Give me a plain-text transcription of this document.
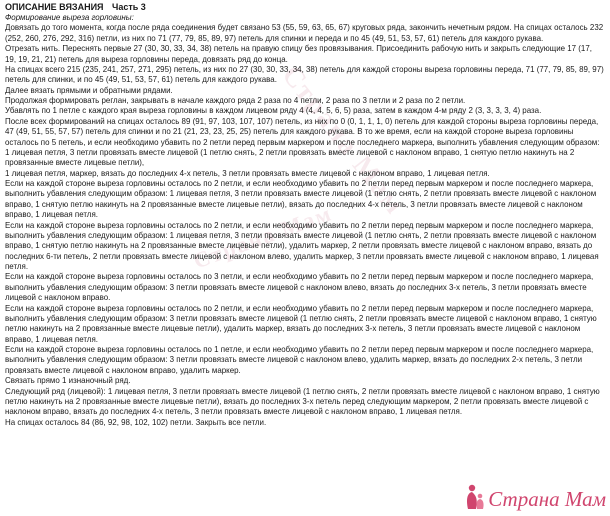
Страна Мам
Страна Мам

ОПИСАНИЕ ВЯЗАНИЯ Часть 3

Формирование выреза горловины:

Довязать до того момента, когда после ряда соединения будет связано 53 (55, 59, 63, 65, 67) круговых ряда, закончить нечетным рядом. На спицах осталось 232 (252, 260, 276, 292, 316) петли, из них по 71 (77, 79, 85, 89, 97) петель для спинки и переда и по 45 (49, 51, 53, 57, 61) петель для каждого рукава.

Отрезать нить. Переснять первые 27 (30, 30, 33, 34, 38) петель на правую спицу без провязывания. Присоединить рабочую нить и закрыть следующие 17 (17, 19, 19, 21, 21) петель для выреза горловины переда, довязать ряд до конца.

На спицах всего 215 (235, 241, 257, 271, 295) петель, из них по 27 (30, 30, 33, 34, 38) петель для каждой стороны выреза горловины переда, 71 (77, 79, 85, 89, 97) петель для спинки, и по 45 (49, 51, 53, 57, 61) петель для каждого рукава.

Далее вязать прямыми и обратными рядами.

Продолжая формировать реглан, закрывать в начале каждого ряда 2 раза по 4 петли, 2 раза по 3 петли и 2 раза по 2 петли.

Убавлять по 1 петле с каждого края выреза горловины в каждом лицевом ряду 4 (4, 4, 5, 6, 5) раза, затем в каждом 4-м ряду 2 (3, 3, 3, 3, 4) раза.

После всех формирований на спицах осталось 89 (91, 97, 103, 107, 107) петель, из них по 0 (0, 1, 1, 1, 0) петель для каждой стороны выреза горловины переда, 47 (49, 51, 55, 57, 57) петель для спинки и по 21 (21, 23, 23, 25, 25) петель для каждого рукава. В то же время, если на каждой стороне выреза горловины осталось по 5 петель, и если необходимо убавить по 2 петли перед первым маркером и после последнего маркера, выполнить убавления следующим образом: 1 лицевая петля, 3 петли провязать вместе лицевой (1 петлю снять, 2 петли провязать вместе лицевой с наклоном вправо, 1 снятую петлю накинуть на 2 провязанные вместе лицевые петли),

1 лицевая петля, маркер, вязать до последних 4-х петель, 3 петли провязать вместе лицевой с наклоном вправо, 1 лицевая петля.

Если на каждой стороне выреза горловины осталось по 2 петли, и если необходимо убавить по 2 петли перед первым маркером и после последнего маркера, выполнить убавления следующим образом: 1 лицевая петля, 3 петли провязать вместе лицевой (1 петлю снять, 2 петли провязать вместе лицевой с наклоном вправо, 1 снятую петлю накинуть на 2 провязанные вместе лицевые петли), вязать до последних 4-х петель, 3 петли провязать вместе лицевой с наклоном вправо, 1 лицевая петля.

Если на каждой стороне выреза горловины осталось по 2 петли, и если необходимо убавить по 2 петли перед первым маркером и после последнего маркера, выполнить убавления следующим образом: 1 лицевая петля, 3 петли провязать вместе лицевой (1 петлю снять, 2 петли провязать вместе лицевой с наклоном вправо, 1 снятую петлю накинуть на 2 провязанные вместе лицевые петли), удалить маркер, 2 петли провязать вместе лицевой с наклоном вправо, вязать до последних 6-ти петель, 2 петли провязать вместе лицевой с наклоном влево, удалить маркер, 3 петли провязать вместе лицевой с наклоном вправо, 1 лицевая петля.

Если на каждой стороне выреза горловины осталось по 3 петли, и если необходимо убавить по 2 петли перед первым маркером и после последнего маркера, выполнить убавления следующим образом: 3 петли провязать вместе лицевой с наклоном влево, вязать до последних 3-х петель, 3 петли провязать вместе лицевой с наклоном вправо.

Если на каждой стороне выреза горловины осталось по 2 петли, и если необходимо убавить по 2 петли перед первым маркером и после последнего маркера, выполнить убавления следующим образом: 3 петли провязать вместе лицевой (1 петлю снять, 2 петли провязать вместе лицевой с наклоном вправо, 1 снятую петлю накинуть на 2 провязанные вместе лицевые петли), удалить маркер, вязать до последних 3-х петель, 3 петли провязать вместе лицевой с наклоном вправо, 1 лицевая петля.

Если на каждой стороне выреза горловины осталось по 1 петле, и если необходимо убавить по 2 петли перед первым маркером и после последнего маркера, выполнить убавления следующим образом: 3 петли провязать вместе лицевой с наклоном влево, удалить маркер, вязать до последних 2-х петель, 3 петли провязать вместе лицевой с наклоном вправо, удалить маркер.

Связать прямо 1 изнаночный ряд.

Следующий ряд (лицевой): 1 лицевая петля, 3 петли провязать вместе лицевой (1 петлю снять, 2 петли провязать вместе лицевой с наклоном вправо, 1 снятую петлю накинуть на 2 провязанные вместе лицевые петли), вязать до последних 3-х петель перед следующим маркером, 2 петли провязать вместе лицевой с наклоном вправо, вязать до последних 4-х петель, 3 петли провязать вместе лицевой с наклоном вправо, 1 лицевая петля.

На спицах осталось 84 (86, 92, 98, 102, 102) петли. Закрыть все петли.

Страна Мам
